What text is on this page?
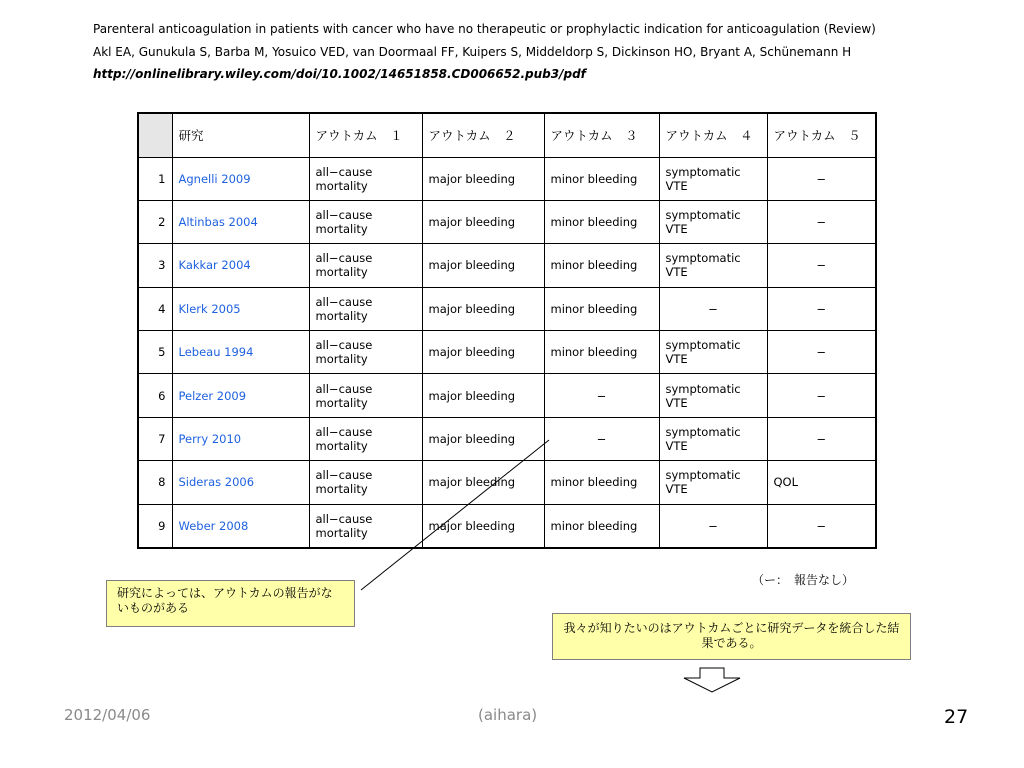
Parenteral anticoagulation in patients with cancer who have no therapeutic or prophylactic indication for anticoagulation (Review)
Akl EA, Gunukula S, Barba M, Yosuico VED, van Doormaal FF, Kuipers S, Middeldorp S, Dickinson HO, Bryant A, Schünemann H
http://onlinelibrary.wiley.com/doi/10.1002/14651858.CD006652.pub3/pdf
	研究	アウトカム　１	アウトカム　２	アウトカム　３	アウトカム　４	アウトカム　５
1	Agnelli 2009	all−cause mortality	major bleeding	minor bleeding	symptomatic VTE	−
2	Altinbas 2004	all−cause mortality	major bleeding	minor bleeding	symptomatic VTE	−
3	Kakkar 2004	all−cause mortality	major bleeding	minor bleeding	symptomatic VTE	−
4	Klerk 2005	all−cause mortality	major bleeding	minor bleeding	−	−
5	Lebeau 1994	all−cause mortality	major bleeding	minor bleeding	symptomatic VTE	−
6	Pelzer 2009	all−cause mortality	major bleeding	−	symptomatic VTE	−
7	Perry 2010	all−cause mortality	major bleeding	−	symptomatic VTE	−
8	Sideras 2006	all−cause mortality	major bleeding	minor bleeding	symptomatic VTE	QOL
9	Weber 2008	all−cause mortality	major bleeding	minor bleeding	−	−
（ー：　報告なし）
研究によっては、アウトカムの報告がないものがある
我々が知りたいのはアウトカムごとに研究データを統合した結果である。
2012/04/06	(aihara)	27
